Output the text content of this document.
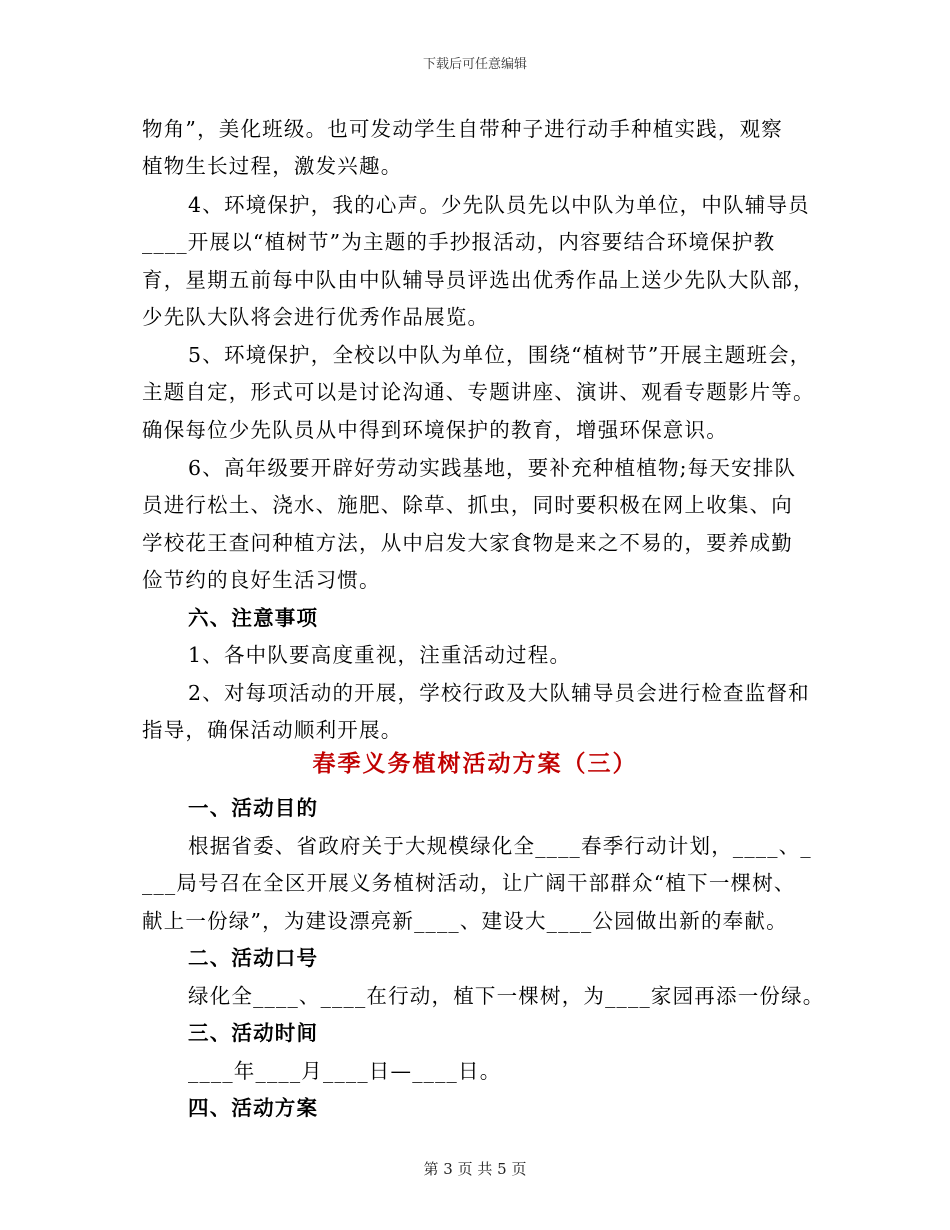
下载后可任意编辑
物角”，美化班级。也可发动学生自带种子进行动手种植实践，观察
植物生长过程，激发兴趣。
4、环境保护，我的心声。少先队员先以中队为单位，中队辅导员
____开展以“植树节”为主题的手抄报活动，内容要结合环境保护教
育，星期五前每中队由中队辅导员评选出优秀作品上送少先队大队部，
少先队大队将会进行优秀作品展览。
5、环境保护，全校以中队为单位，围绕“植树节”开展主题班会，
主题自定，形式可以是讨论沟通、专题讲座、演讲、观看专题影片等。
确保每位少先队员从中得到环境保护的教育，增强环保意识。
6、高年级要开辟好劳动实践基地，要补充种植植物;每天安排队
员进行松土、浇水、施肥、除草、抓虫，同时要积极在网上收集、向
学校花王查问种植方法，从中启发大家食物是来之不易的，要养成勤
俭节约的良好生活习惯。
六、注意事项
1、各中队要高度重视，注重活动过程。
2、对每项活动的开展，学校行政及大队辅导员会进行检查监督和
指导，确保活动顺利开展。
春季义务植树活动方案（三）
一、活动目的
根据省委、省政府关于大规模绿化全____春季行动计划，____、_
___局号召在全区开展义务植树活动，让广阔干部群众“植下一棵树、
献上一份绿”，为建设漂亮新____、建设大____公园做出新的奉献。
二、活动口号
绿化全____、____在行动，植下一棵树，为____家园再添一份绿。
三、活动时间
____年____月____日—____日。
四、活动方案
第 3 页 共 5 页
